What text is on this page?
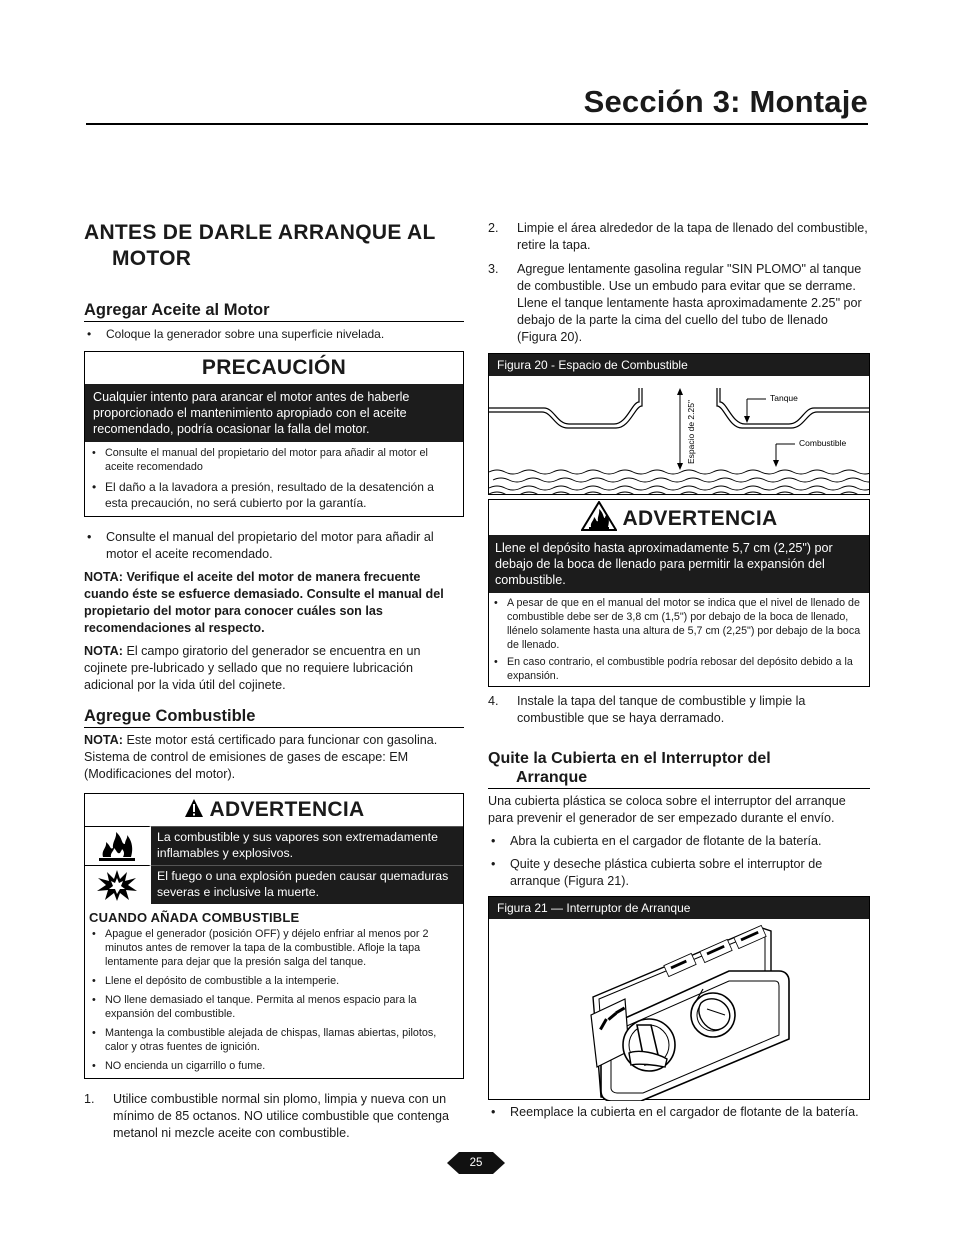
Sección 3: Montaje
ANTES DE DARLE ARRANQUE AL
MOTOR
Agregar Aceite al Motor
• Coloque la generador sobre una superficie nivelada.
PRECAUCIÓN
Cualquier intento para arancar el motor antes de haberle proporcionado el mantenimiento apropiado con el aceite recomendado, podría ocasionar la falla del motor.
• Consulte el manual del propietario del motor para añadir al motor el aceite recomendado
• El daño a la lavadora a presión, resultado de la desatención a esta precaución, no será cubierto por la garantía.
• Consulte el manual del propietario del motor para añadir al motor el aceite recomendado.

NOTA: Verifique el aceite del motor de manera frecuente cuando éste se esfuerce demasiado. Consulte el manual del propietario del motor para conocer cuáles son las recomendaciones al respecto.

NOTA: El campo giratorio del generador se encuentra en un cojinete pre-lubricado y sellado que no requiere lubricación adicional por la vida útil del cojinete.

Agregue Combustible

NOTA: Este motor está certificado para funcionar con gasolina. Sistema de control de emisiones de gases de escape: EM (Modificaciones del motor).

ADVERTENCIA
La combustible y sus vapores son extremadamente inflamables y explosivos.
El fuego o una explosión pueden causar quemaduras severas e inclusive la muerte.
CUANDO AÑADA COMBUSTIBLE
• Apague el generador (posición OFF) y déjelo enfriar al menos por 2 minutos antes de remover la tapa de la combustible. Afloje la tapa lentamente para dejar que la presión salga del tanque.
• Llene el depósito de combustible a la intemperie.
• NO llene demasiado el tanque. Permita al menos espacio para la expansión del combustible.
• Mantenga la combustible alejada de chispas, llamas abiertas, pilotos, calor y otras fuentes de ignición.
• NO encienda un cigarrillo o fume.
1. Utilice combustible normal sin plomo, limpia y nueva con un mínimo de 85 octanos. NO utilice combustible que contenga metanol ni mezcle aceite con combustible.
2. Limpie el área alrededor de la tapa de llenado del combustible, retire la tapa.
3. Agregue lentamente gasolina regular "SIN PLOMO" al tanque de combustible. Use un embudo para evitar que se derrame. Llene el tanque lentamente hasta aproximadamente 2.25" por debajo de la parte la cima del cuello del tubo de llenado (Figura 20).
Figura 20 - Espacio de Combustible
Espacio de 2.25"
Tanque
Combustible
ADVERTENCIA
Llene el depósito hasta aproximadamente 5,7 cm (2,25") por debajo de la boca de llenado para permitir la expansión del combustible.
• A pesar de que en el manual del motor se indica que el nivel de llenado de combustible debe ser de 3,8 cm (1,5") por debajo de la boca de llenado, llénelo solamente hasta una altura de 5,7 cm (2,25") por debajo de la boca de llenado.
• En caso contrario, el combustible podría rebosar del depósito debido a la expansión.
4. Instale la tapa del tanque de combustible y limpie la combustible que se haya derramado.
Quite la Cubierta en el Interruptor del
Arranque

Una cubierta plástica se coloca sobre el interruptor del arranque para prevenir el generador de ser empezado durante el envío.

• Abra la cubierta en el cargador de flotante de la batería.
• Quite y deseche plástica cubierta sobre el interruptor de arranque (Figura 21).
Figura 21 — Interruptor de Arranque
• Reemplace la cubierta en el cargador de flotante de la batería.
25
